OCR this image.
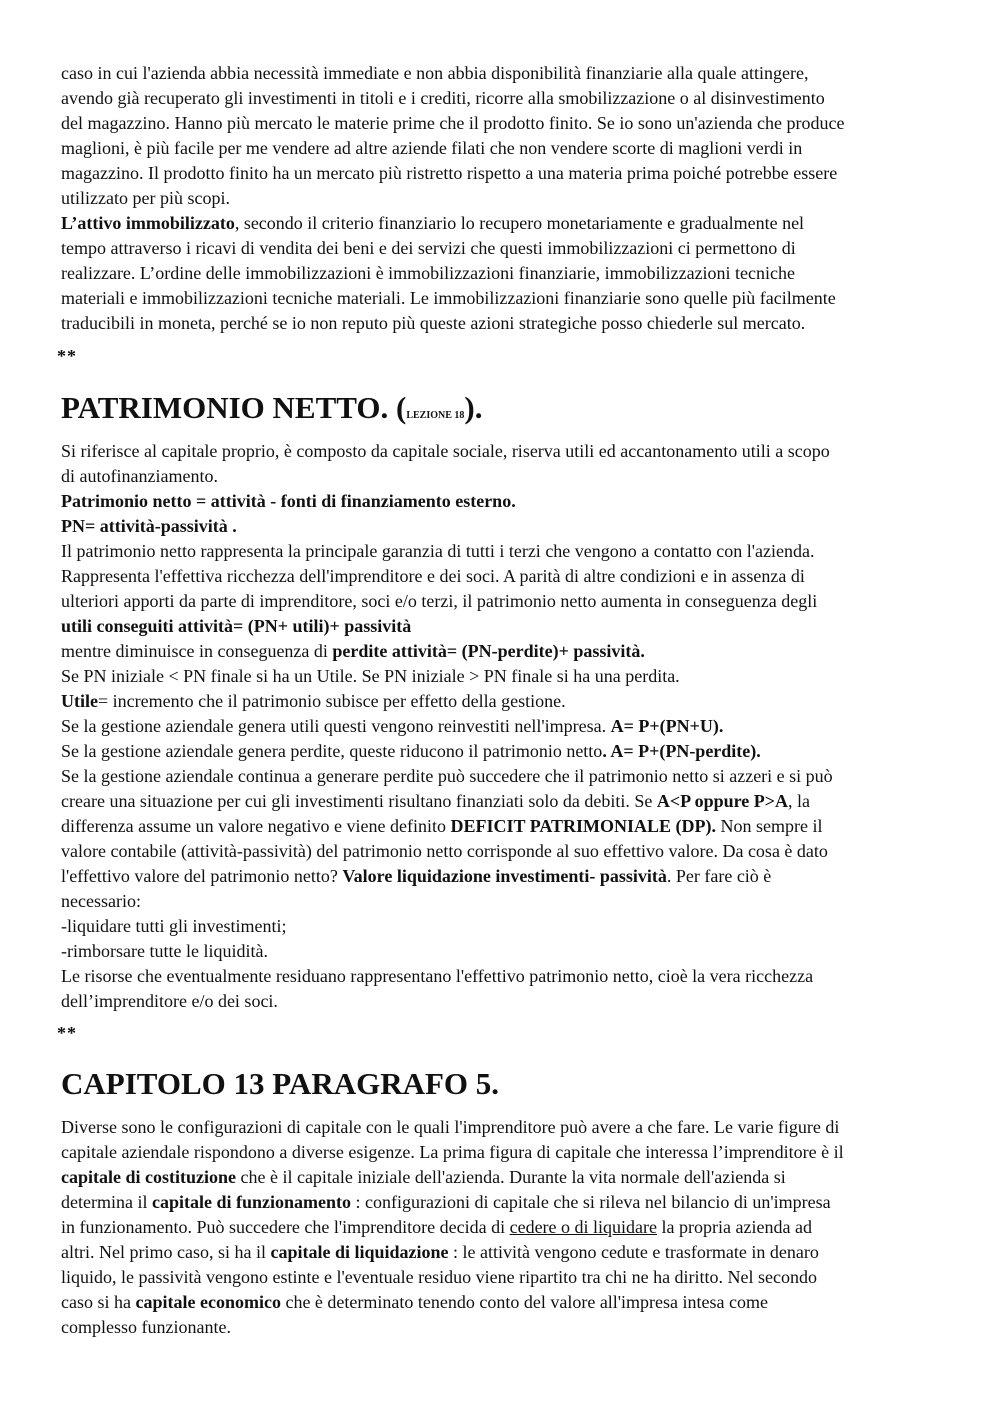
caso in cui l'azienda abbia necessità immediate e non abbia disponibilità finanziarie alla quale attingere,
avendo già recuperato gli investimenti in titoli e i crediti, ricorre alla smobilizzazione o al disinvestimento
del magazzino. Hanno più mercato le materie prime che il prodotto finito. Se io sono un'azienda che produce
maglioni, è più facile per me vendere ad altre aziende filati che non vendere scorte di maglioni verdi in
magazzino. Il prodotto finito ha un mercato più ristretto rispetto a una materia prima poiché potrebbe essere
utilizzato per più scopi.
L’attivo immobilizzato, secondo il criterio finanziario lo recupero monetariamente e gradualmente nel
tempo attraverso i ricavi di vendita dei beni e dei servizi che questi immobilizzazioni ci permettono di
realizzare. L’ordine delle immobilizzazioni è immobilizzazioni finanziarie, immobilizzazioni tecniche
materiali e immobilizzazioni tecniche materiali. Le immobilizzazioni finanziarie sono quelle più facilmente
traducibili in moneta, perché se io non reputo più queste azioni strategiche posso chiederle sul mercato.
**
PATRIMONIO NETTO. (LEZIONE 18).
Si riferisce al capitale proprio, è composto da capitale sociale, riserva utili ed accantonamento utili a scopo
di autofinanziamento.
Patrimonio netto = attività - fonti di finanziamento esterno.
PN= attività-passività .
Il patrimonio netto rappresenta la principale garanzia di tutti i terzi che vengono a contatto con l'azienda.
Rappresenta l'effettiva ricchezza dell'imprenditore e dei soci. A parità di altre condizioni e in assenza di
ulteriori apporti da parte di imprenditore, soci e/o terzi, il patrimonio netto aumenta in conseguenza degli
utili conseguiti attività= (PN+ utili)+ passività
mentre diminuisce in conseguenza di perdite attività= (PN-perdite)+ passività.
Se PN iniziale < PN finale si ha un Utile. Se PN iniziale > PN finale si ha una perdita.
Utile= incremento che il patrimonio subisce per effetto della gestione.
Se la gestione aziendale genera utili questi vengono reinvestiti nell'impresa. A= P+(PN+U).
Se la gestione aziendale genera perdite, queste riducono il patrimonio netto. A= P+(PN-perdite).
Se la gestione aziendale continua a generare perdite può succedere che il patrimonio netto si azzeri e si può
creare una situazione per cui gli investimenti risultano finanziati solo da debiti. Se A<P oppure P>A, la
differenza assume un valore negativo e viene definito DEFICIT PATRIMONIALE (DP). Non sempre il
valore contabile (attività-passività) del patrimonio netto corrisponde al suo effettivo valore. Da cosa è dato
l'effettivo valore del patrimonio netto? Valore liquidazione investimenti- passività. Per fare ciò è
necessario:
-liquidare tutti gli investimenti;
-rimborsare tutte le liquidità.
Le risorse che eventualmente residuano rappresentano l'effettivo patrimonio netto, cioè la vera ricchezza
dell’imprenditore e/o dei soci.
**
CAPITOLO 13 PARAGRAFO 5.
Diverse sono le configurazioni di capitale con le quali l'imprenditore può avere a che fare. Le varie figure di
capitale aziendale rispondono a diverse esigenze. La prima figura di capitale che interessa l’imprenditore è il
capitale di costituzione che è il capitale iniziale dell'azienda. Durante la vita normale dell'azienda si
determina il capitale di funzionamento : configurazioni di capitale che si rileva nel bilancio di un'impresa
in funzionamento. Può succedere che l'imprenditore decida di cedere o di liquidare la propria azienda ad
altri. Nel primo caso, si ha il capitale di liquidazione : le attività vengono cedute e trasformate in denaro
liquido, le passività vengono estinte e l'eventuale residuo viene ripartito tra chi ne ha diritto. Nel secondo
caso si ha capitale economico che è determinato tenendo conto del valore all'impresa intesa come
complesso funzionante.
